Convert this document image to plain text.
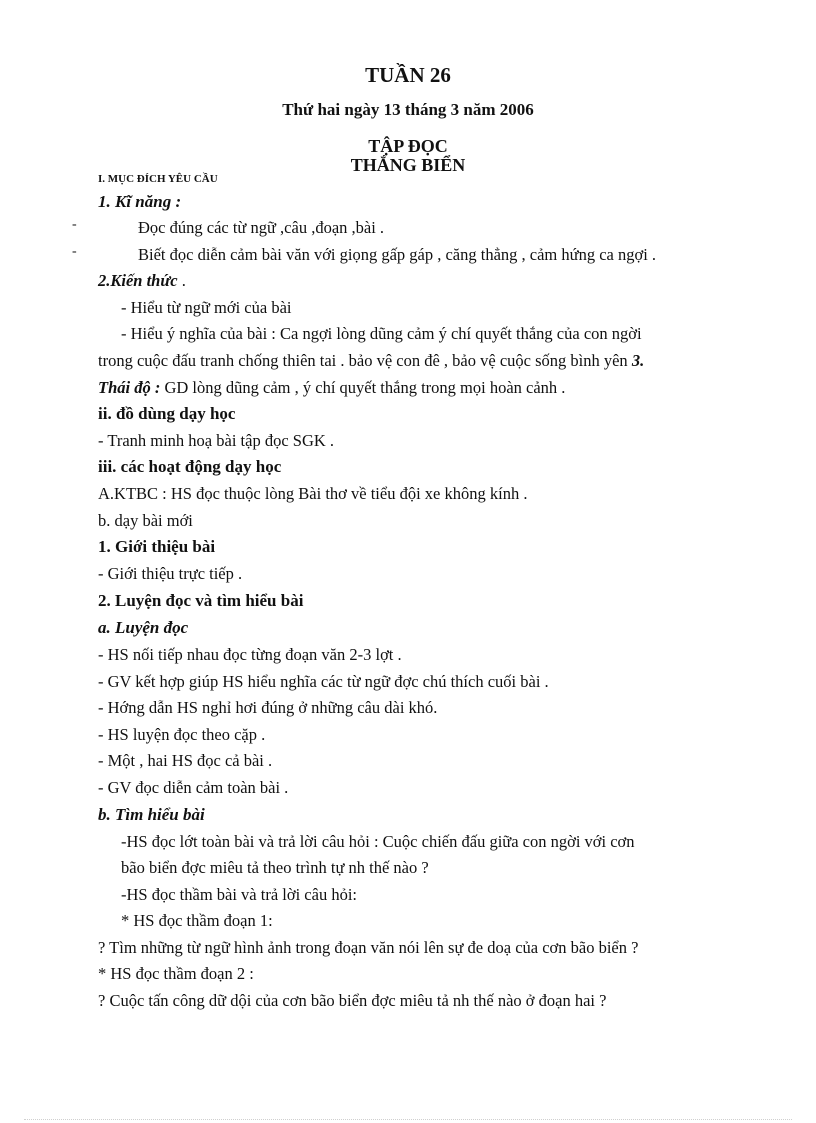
TUẦN 26
Thứ hai ngày 13 tháng 3 năm 2006
TẬP ĐỌC
THẮNG BIỂN
I. MỤC ĐÍCH YÊU CẦU
1. Kĩ năng :
-	Đọc đúng các từ ngữ ,câu ,đoạn ,bài .
-	Biết đọc diễn cảm bài văn với giọng gấp gáp , căng thẳng , cảm hứng ca ngợi .
2.Kiến thức .
- Hiểu từ ngữ mới của bài
- Hiểu ý nghĩa của bài : Ca ngợi lòng dũng cảm ý chí quyết thắng của con ngời
trong cuộc đấu tranh chống thiên tai . bảo vệ con đê , bảo vệ cuộc sống bình yên 3.
Thái độ : GD lòng dũng cảm , ý chí quyết thắng trong mọi hoàn cảnh .
ii. đồ dùng dạy học
- Tranh minh hoạ bài tập đọc SGK .
iii. các hoạt động dạy học
A.KTBC : HS đọc thuộc lòng Bài thơ về tiểu đội xe không kính .
b. dạy bài mới
1. Giới thiệu bài
- Giới thiệu trực tiếp .
2. Luyện đọc và tìm hiểu bài
a. Luyện đọc
- HS nối tiếp nhau đọc từng đoạn văn 2-3 lợt .
- GV kết hợp giúp HS hiểu nghĩa các từ ngữ đợc chú thích cuối bài .
- Hớng dẫn HS nghỉ hơi đúng ở những câu dài khó.
- HS luyện đọc theo cặp .
- Một , hai HS đọc cả bài .
- GV đọc diễn cảm toàn bài .
b. Tìm hiểu bài
-HS đọc lớt toàn bài và trả lời câu hỏi : Cuộc chiến đấu giữa con ngời với cơn
bão biển đợc miêu tả theo trình tự nh thế nào ?
-HS đọc thầm bài và trả lời câu hỏi:
* HS đọc thầm đoạn 1:
? Tìm những từ ngữ hình ảnh trong đoạn văn nói lên sự đe doạ của cơn bão biển ?
* HS đọc thầm đoạn 2 :
? Cuộc tấn công dữ dội của cơn bão biển đợc miêu tả nh thế nào ở đoạn hai ?
